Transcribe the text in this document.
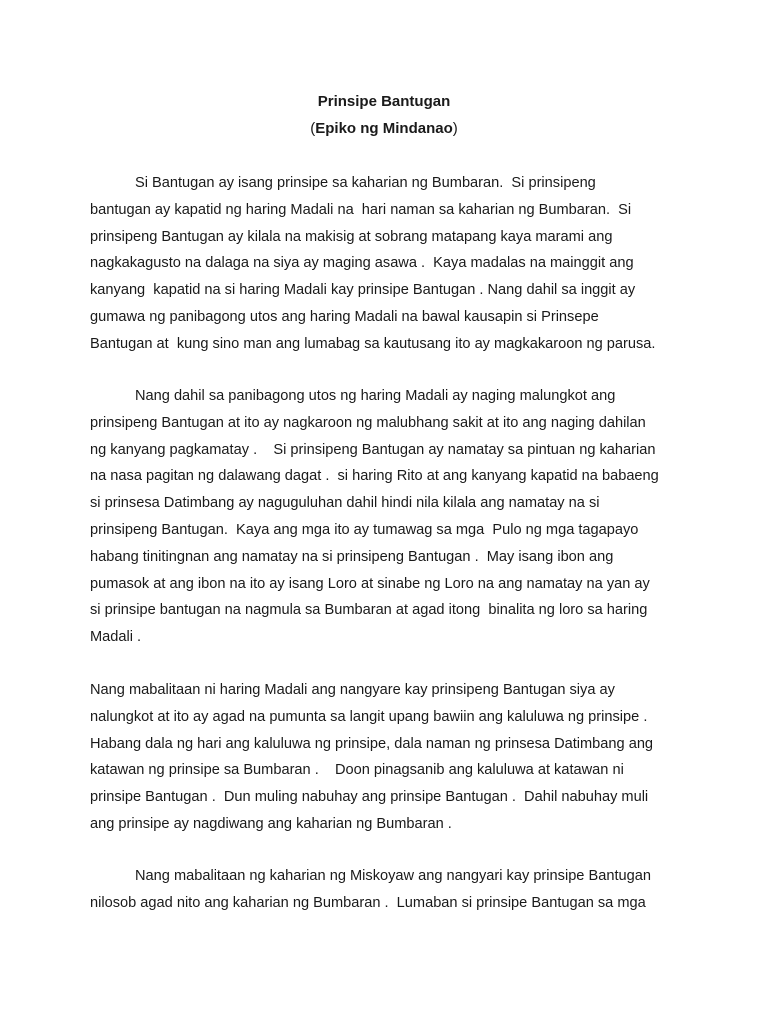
Prinsipe Bantugan

(Epiko ng Mindanao)

Si Bantugan ay isang prinsipe sa kaharian ng Bumbaran.  Si prinsipeng
bantugan ay kapatid ng haring Madali na  hari naman sa kaharian ng Bumbaran.  Si
prinsipeng Bantugan ay kilala na makisig at sobrang matapang kaya marami ang
nagkakagusto na dalaga na siya ay maging asawa .  Kaya madalas na mainggit ang
kanyang  kapatid na si haring Madali kay prinsipe Bantugan . Nang dahil sa inggit ay
gumawa ng panibagong utos ang haring Madali na bawal kausapin si Prinsepe
Bantugan at  kung sino man ang lumabag sa kautusang ito ay magkakaroon ng parusa.
Nang dahil sa panibagong utos ng haring Madali ay naging malungkot ang
prinsipeng Bantugan at ito ay nagkaroon ng malubhang sakit at ito ang naging dahilan
ng kanyang pagkamatay .    Si prinsipeng Bantugan ay namatay sa pintuan ng kaharian
na nasa pagitan ng dalawang dagat .  si haring Rito at ang kanyang kapatid na babaeng
si prinsesa Datimbang ay naguguluhan dahil hindi nila kilala ang namatay na si
prinsipeng Bantugan.  Kaya ang mga ito ay tumawag sa mga  Pulo ng mga tagapayo
habang tinitingnan ang namatay na si prinsipeng Bantugan .  May isang ibon ang
pumasok at ang ibon na ito ay isang Loro at sinabe ng Loro na ang namatay na yan ay
si prinsipe bantugan na nagmula sa Bumbaran at agad itong  binalita ng loro sa haring
Madali .
Nang mabalitaan ni haring Madali ang nangyare kay prinsipeng Bantugan siya ay
nalungkot at ito ay agad na pumunta sa langit upang bawiin ang kaluluwa ng prinsipe .
Habang dala ng hari ang kaluluwa ng prinsipe, dala naman ng prinsesa Datimbang ang
katawan ng prinsipe sa Bumbaran .    Doon pinagsanib ang kaluluwa at katawan ni
prinsipe Bantugan .  Dun muling nabuhay ang prinsipe Bantugan .  Dahil nabuhay muli
ang prinsipe ay nagdiwang ang kaharian ng Bumbaran .
Nang mabalitaan ng kaharian ng Miskoyaw ang nangyari kay prinsipe Bantugan
nilosob agad nito ang kaharian ng Bumbaran .  Lumaban si prinsipe Bantugan sa mga
